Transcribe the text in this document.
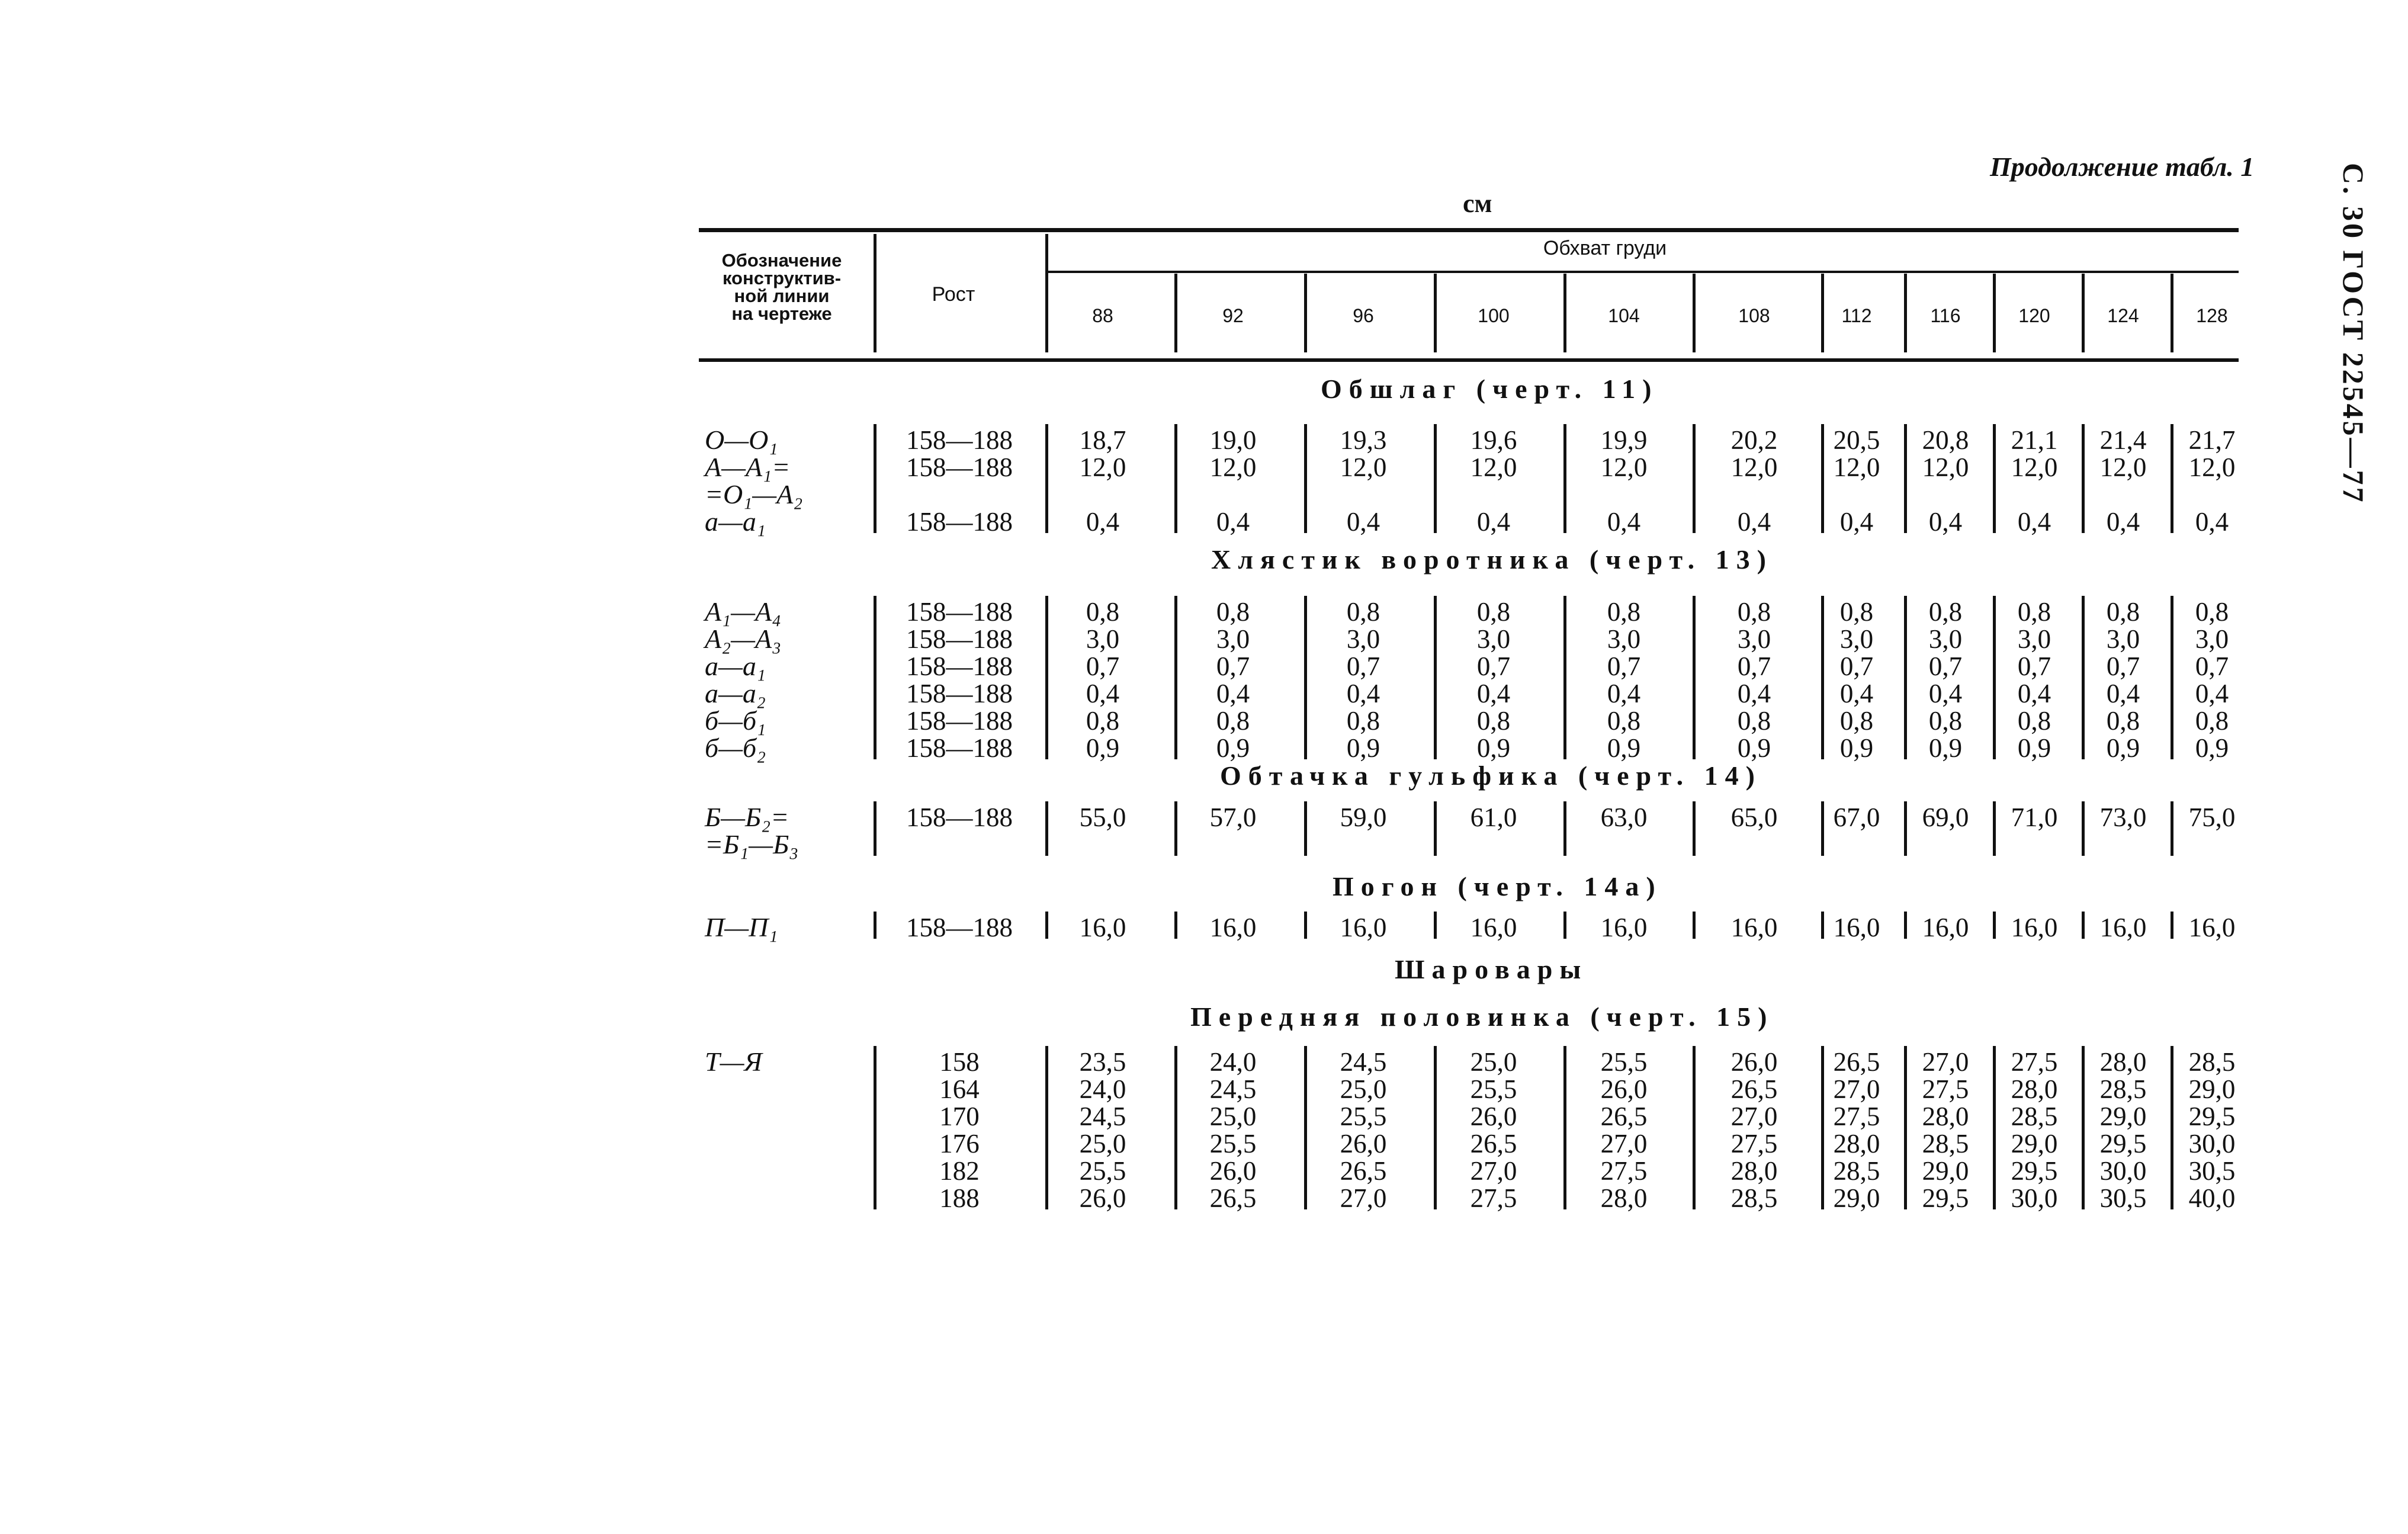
Продолжение табл. 1	С. 30 ГОСТ 22545—77
см
Обозначение
конструктив-
ной линии
на чертеже
Рост
Обхват груди
88	92	96	100	104	108	112	116	120	124	128
Обшлаг (черт. 11)
О—О₁	158—188	18,7	19,0	19,3	19,6	19,9	20,2	20,5	20,8	21,1	21,4	21,7
А—А₁=
=О₁—А₂
158—188	12,0	12,0	12,0	12,0	12,0	12,0	12,0	12,0	12,0	12,0	12,0
а—а₁	158—188	0,4	0,4	0,4	0,4	0,4	0,4	0,4	0,4	0,4	0,4	0,4
Хлястик воротника (черт. 13)
А₁—А₄	158—188	0,8	0,8	0,8	0,8	0,8	0,8	0,8	0,8	0,8	0,8	0,8
А₂—А₃	158—188	3,0	3,0	3,0	3,0	3,0	3,0	3,0	3,0	3,0	3,0	3,0
а—а₁	158—188	0,7	0,7	0,7	0,7	0,7	0,7	0,7	0,7	0,7	0,7	0,7
а—а₂	158—188	0,4	0,4	0,4	0,4	0,4	0,4	0,4	0,4	0,4	0,4	0,4
б—б₁	158—188	0,8	0,8	0,8	0,8	0,8	0,8	0,8	0,8	0,8	0,8	0,8
б—б₂	158—188	0,9	0,9	0,9	0,9	0,9	0,9	0,9	0,9	0,9	0,9	0,9
Обтачка гульфика (черт. 14)
Б—Б₂=
=Б₁—Б₃
158—188	55,0	57,0	59,0	61,0	63,0	65,0	67,0	69,0	71,0	73,0	75,0
Погон (черт. 14а)
П—П₁	158—188	16,0	16,0	16,0	16,0	16,0	16,0	16,0	16,0	16,0	16,0	16,0
Шаровары
Передняя половинка (черт. 15)
Т—Я	158	23,5	24,0	24,5	25,0	25,5	26,0	26,5	27,0	27,5	28,0	28,5
164	24,0	24,5	25,0	25,5	26,0	26,5	27,0	27,5	28,0	28,5	29,0
170	24,5	25,0	25,5	26,0	26,5	27,0	27,5	28,0	28,5	29,0	29,5
176	25,0	25,5	26,0	26,5	27,0	27,5	28,0	28,5	29,0	29,5	30,0
182	25,5	26,0	26,5	27,0	27,5	28,0	28,5	29,0	29,5	30,0	30,5
188	26,0	26,5	27,0	27,5	28,0	28,5	29,0	29,5	30,0	30,5	40,0
